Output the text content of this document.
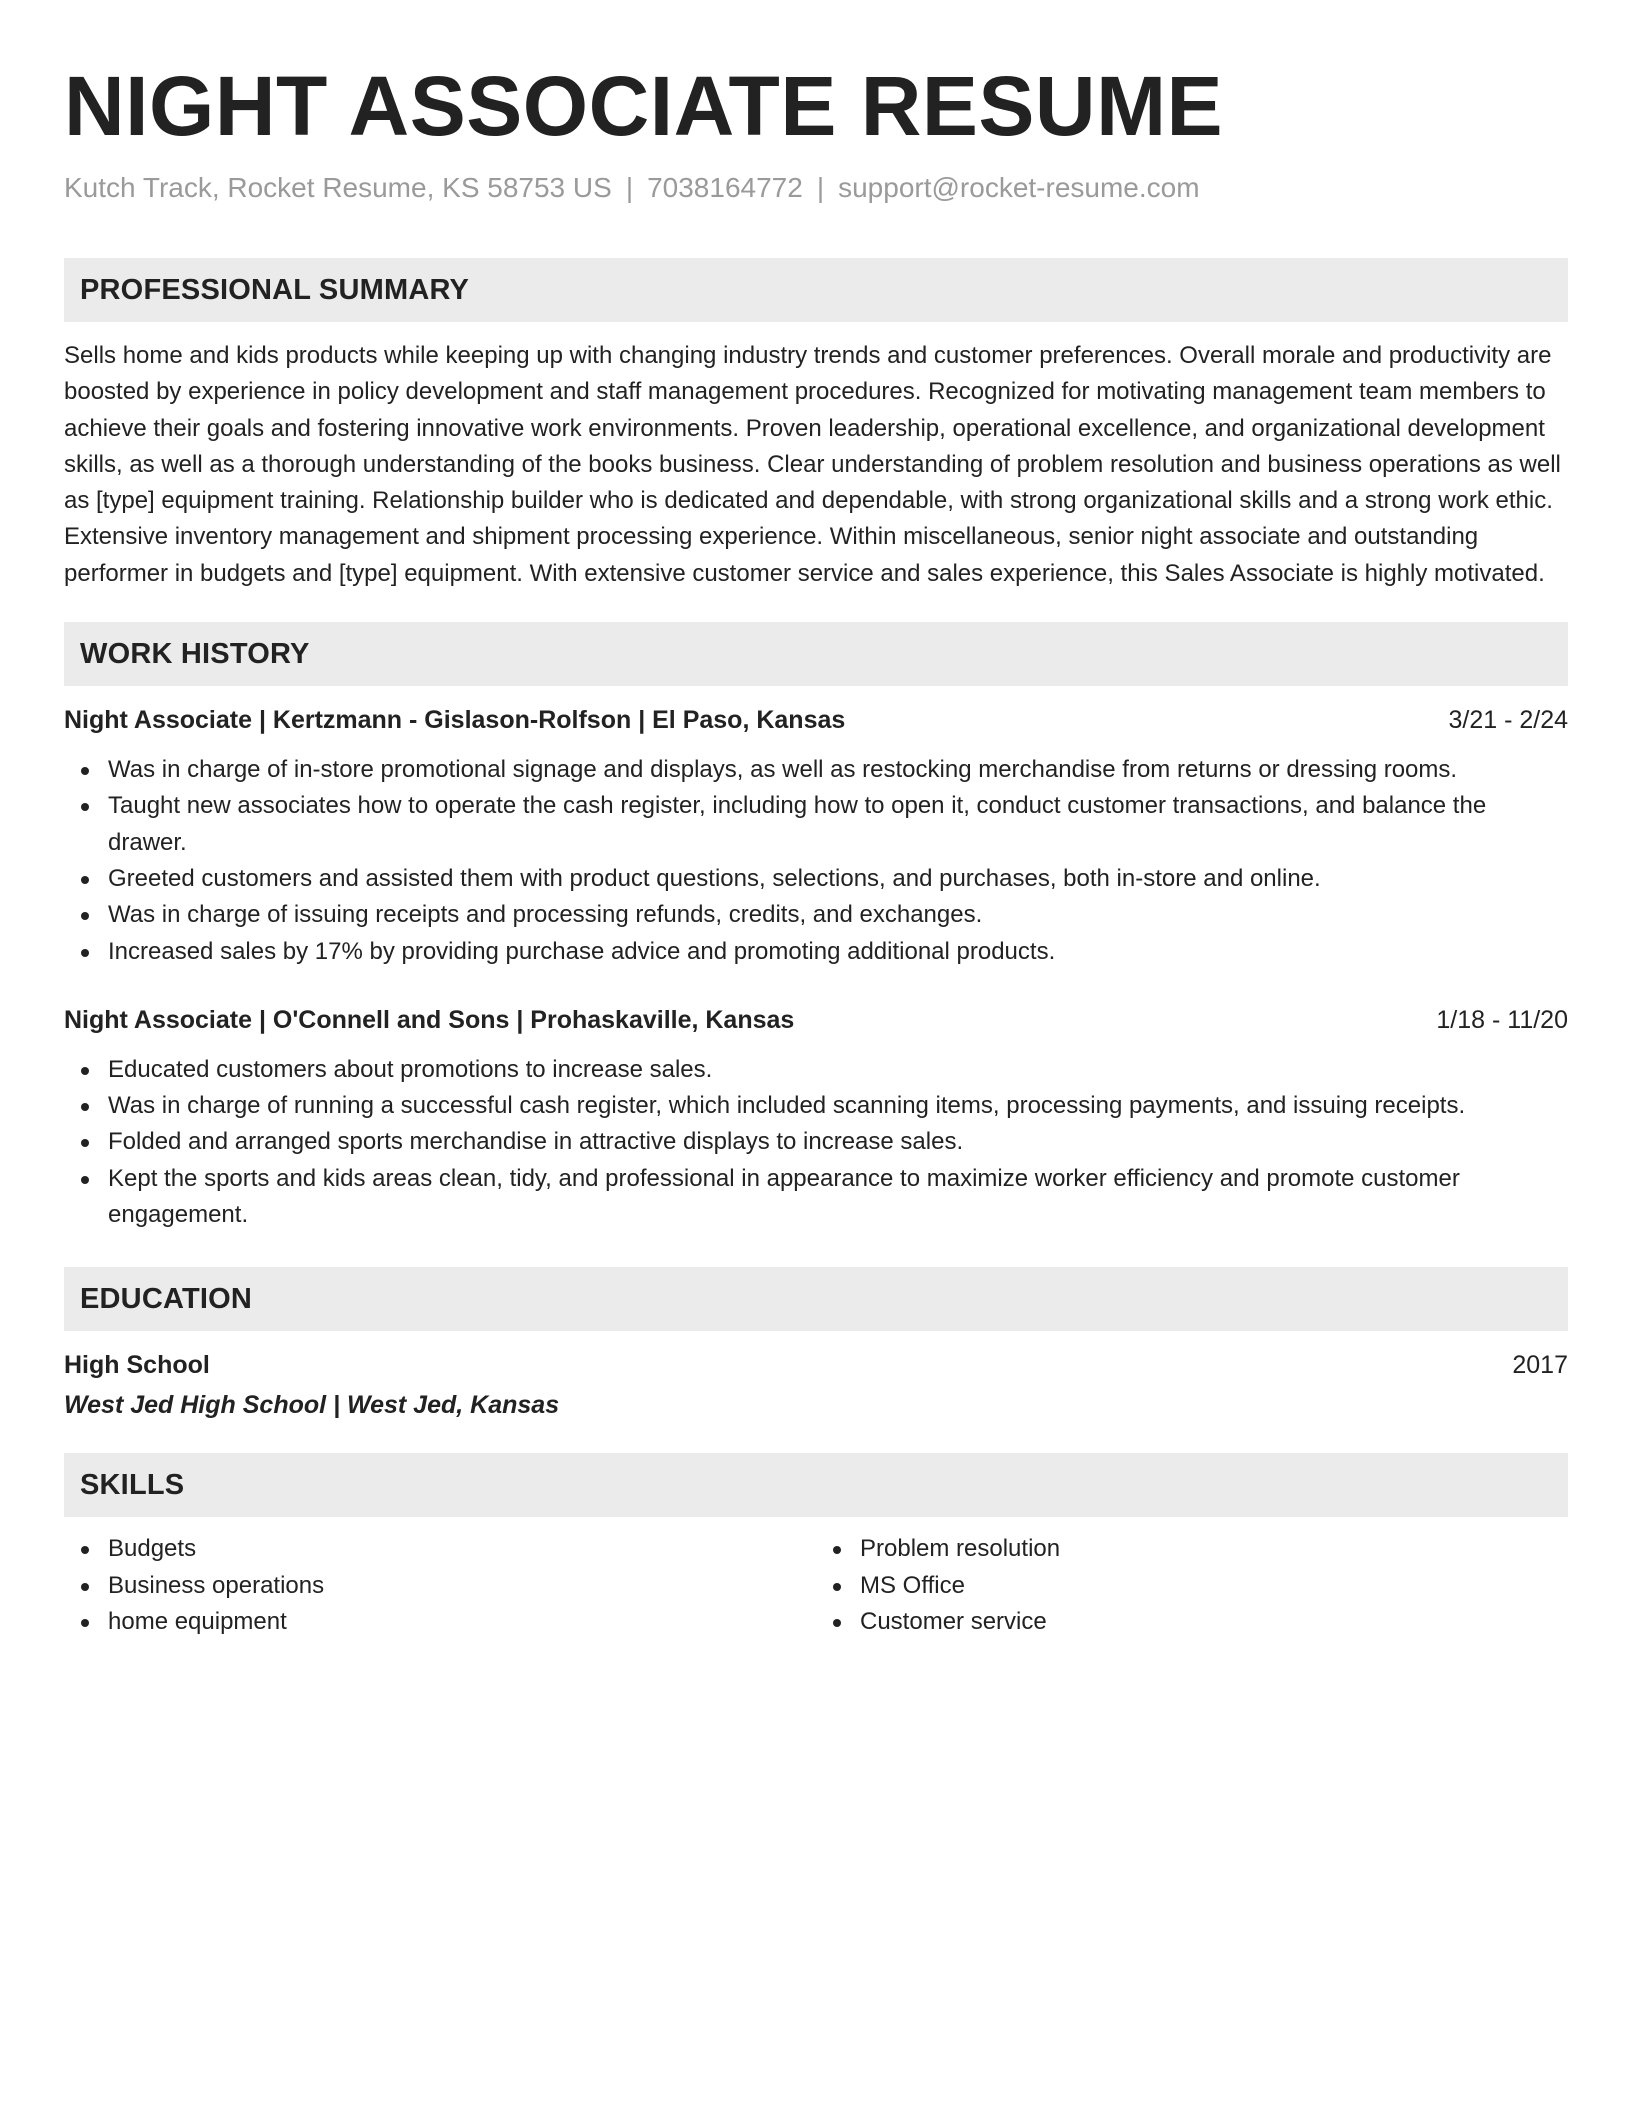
NIGHT ASSOCIATE RESUME
Kutch Track, Rocket Resume, KS 58753 US | 7038164772 | support@rocket-resume.com
PROFESSIONAL SUMMARY
Sells home and kids products while keeping up with changing industry trends and customer preferences. Overall morale and productivity are boosted by experience in policy development and staff management procedures. Recognized for motivating management team members to achieve their goals and fostering innovative work environments. Proven leadership, operational excellence, and organizational development skills, as well as a thorough understanding of the books business. Clear understanding of problem resolution and business operations as well as [type] equipment training. Relationship builder who is dedicated and dependable, with strong organizational skills and a strong work ethic. Extensive inventory management and shipment processing experience. Within miscellaneous, senior night associate and outstanding performer in budgets and [type] equipment. With extensive customer service and sales experience, this Sales Associate is highly motivated.
WORK HISTORY
Night Associate | Kertzmann - Gislason-Rolfson | El Paso, Kansas	3/21 - 2/24
Was in charge of in-store promotional signage and displays, as well as restocking merchandise from returns or dressing rooms.
Taught new associates how to operate the cash register, including how to open it, conduct customer transactions, and balance the drawer.
Greeted customers and assisted them with product questions, selections, and purchases, both in-store and online.
Was in charge of issuing receipts and processing refunds, credits, and exchanges.
Increased sales by 17% by providing purchase advice and promoting additional products.
Night Associate | O'Connell and Sons | Prohaskaville, Kansas	1/18 - 11/20
Educated customers about promotions to increase sales.
Was in charge of running a successful cash register, which included scanning items, processing payments, and issuing receipts.
Folded and arranged sports merchandise in attractive displays to increase sales.
Kept the sports and kids areas clean, tidy, and professional in appearance to maximize worker efficiency and promote customer engagement.
EDUCATION
High School	2017
West Jed High School | West Jed, Kansas
SKILLS
Budgets
Business operations
home equipment
Problem resolution
MS Office
Customer service
